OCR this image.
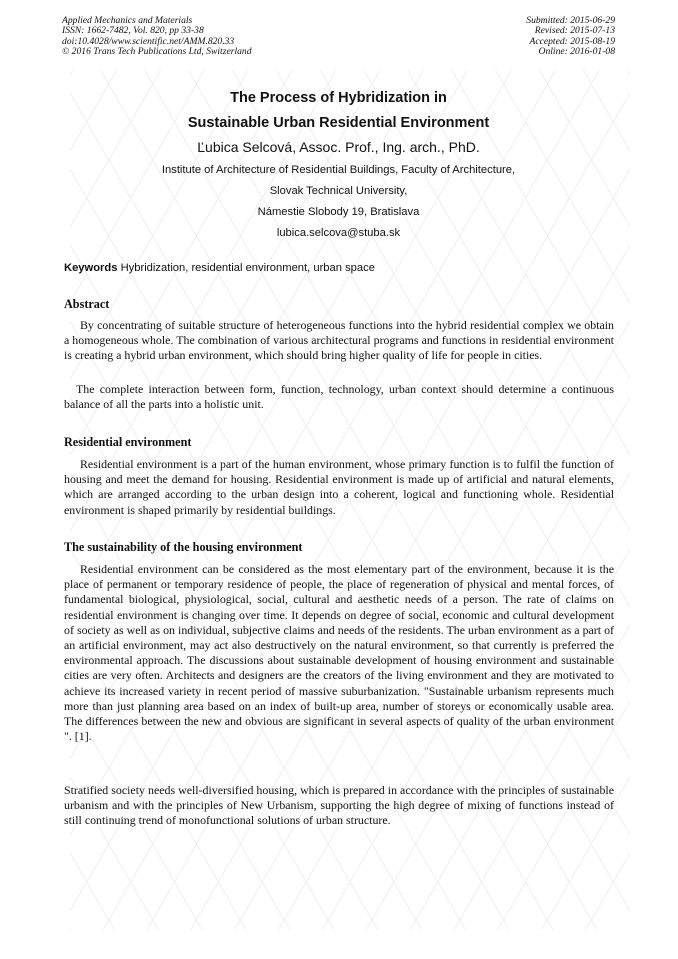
Applied Mechanics and Materials
ISSN: 1662-7482, Vol. 820, pp 33-38
doi:10.4028/www.scientific.net/AMM.820.33
© 2016 Trans Tech Publications Ltd, Switzerland
Submitted: 2015-06-29
Revised: 2015-07-13
Accepted: 2015-08-19
Online: 2016-01-08
The Process of Hybridization in
Sustainable Urban Residential Environment
Ľubica Selcová, Assoc. Prof., Ing. arch., PhD.
Institute of Architecture of Residential Buildings, Faculty of Architecture,
Slovak Technical University,
Námestie Slobody 19, Bratislava
lubica.selcova@stuba.sk
Keywords Hybridization, residential environment, urban space
Abstract

By concentrating of suitable structure of heterogeneous functions into the hybrid residential complex we obtain a homogeneous whole. The combination of various architectural programs and functions in residential environment is creating a hybrid urban environment, which should bring higher quality of life for people in cities.

The complete interaction between form, function, technology, urban context should determine a continuous balance of all the parts into a holistic unit.

Residential environment

Residential environment is a part of the human environment, whose primary function is to fulfil the function of housing and meet the demand for housing. Residential environment is made up of artificial and natural elements, which are arranged according to the urban design into a coherent, logical and functioning whole. Residential environment is shaped primarily by residential buildings.

The sustainability of the housing environment

Residential environment can be considered as the most elementary part of the environment, because it is the place of permanent or temporary residence of people, the place of regeneration of physical and mental forces, of fundamental biological, physiological, social, cultural and aesthetic needs of a person. The rate of claims on residential environment is changing over time. It depends on degree of social, economic and cultural development of society as well as on individual, subjective claims and needs of the residents. The urban environment as a part of an artificial environment, may act also destructively on the natural environment, so that currently is preferred the environmental approach. The discussions about sustainable development of housing environment and sustainable cities are very often. Architects and designers are the creators of the living environment and they are motivated to achieve its increased variety in recent period of massive suburbanization. "Sustainable urbanism represents much more than just planning area based on an index of built-up area, number of storeys or economically usable area. The differences between the new and obvious are significant in several aspects of quality of the urban environment ". [1].

Stratified society needs well-diversified housing, which is prepared in accordance with the principles of sustainable urbanism and with the principles of New Urbanism, supporting the high degree of mixing of functions instead of still continuing trend of monofunctional solutions of urban structure.
